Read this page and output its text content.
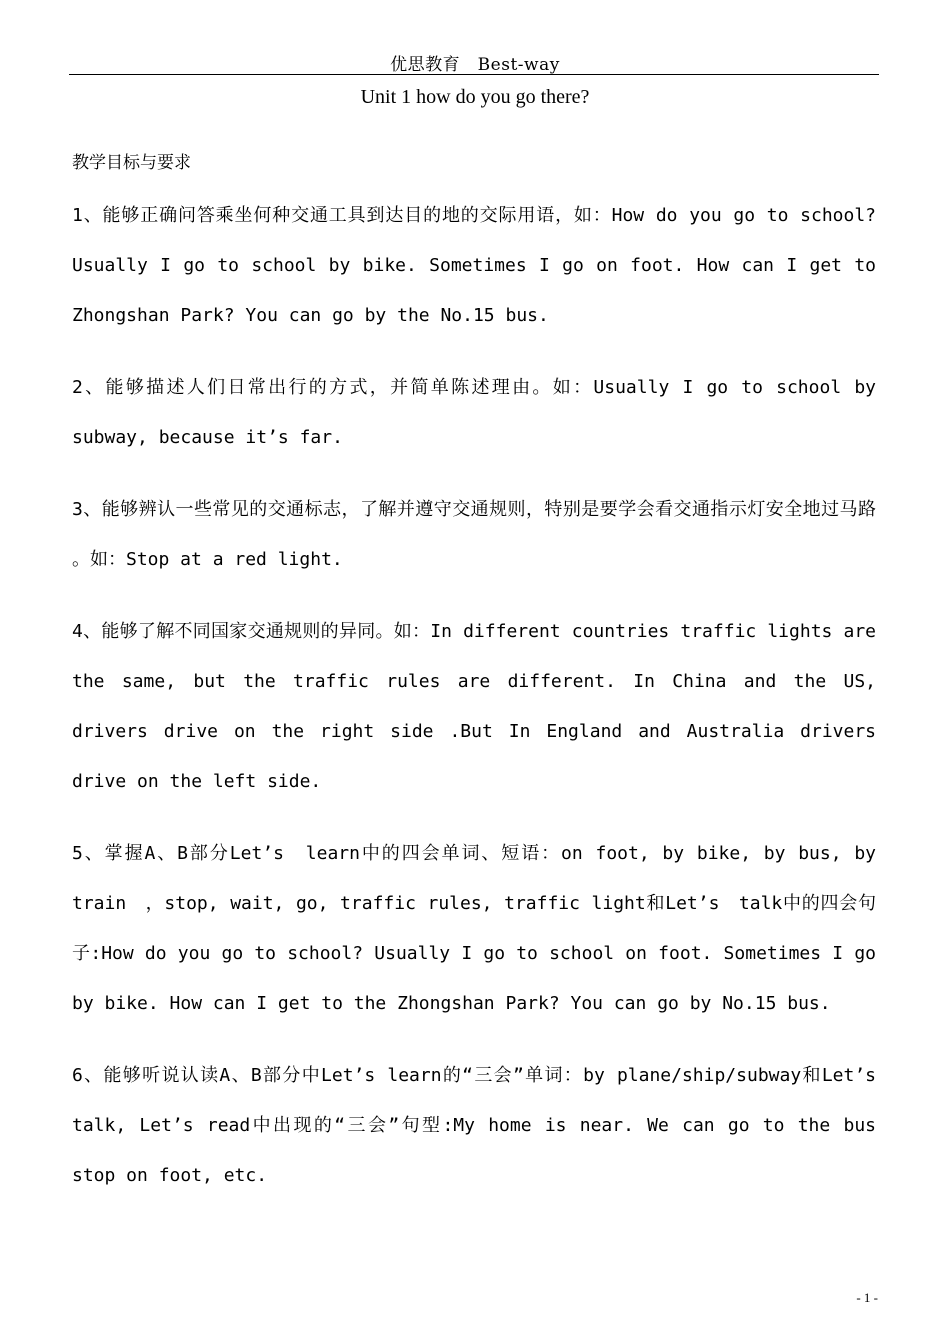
优思教育　Best-way
Unit 1 how do you go there?
教学目标与要求

1、能够正确问答乘坐何种交通工具到达目的地的交际用语，如：How do you go to school? Usually I go to school by bike. Sometimes I go on foot. How can I get to Zhongshan Park? You can go by the No.15 bus.

2、能够描述人们日常出行的方式，并简单陈述理由。如：Usually I go to school by subway, because it’s far.

3、能够辨认一些常见的交通标志，了解并遵守交通规则，特别是要学会看交通指示灯安全地过马路 。如：Stop at a red light.

4、能够了解不同国家交通规则的异同。如：In different countries traffic lights are the same, but the traffic rules are different. In China and the US, drivers drive on the right side .But In England and Australia drivers drive on the left side.

5、掌握A、B部分Let’s　learn中的四会单词、短语：on foot, by bike, by bus, by train　，stop, wait, go, traffic rules, traffic light和Let’s　talk中的四会句子:How do you go to school? Usually I go to school on foot. Sometimes I go by bike. How can I get to the Zhongshan Park? You can go by No.15 bus.

6、能够听说认读A、B部分中Let’s learn的“三会”单词：by plane/ship/subway和Let’s talk, Let’s read中出现的“三会”句型:My home is near. We can go to the bus stop on foot, etc.

- 1 -
